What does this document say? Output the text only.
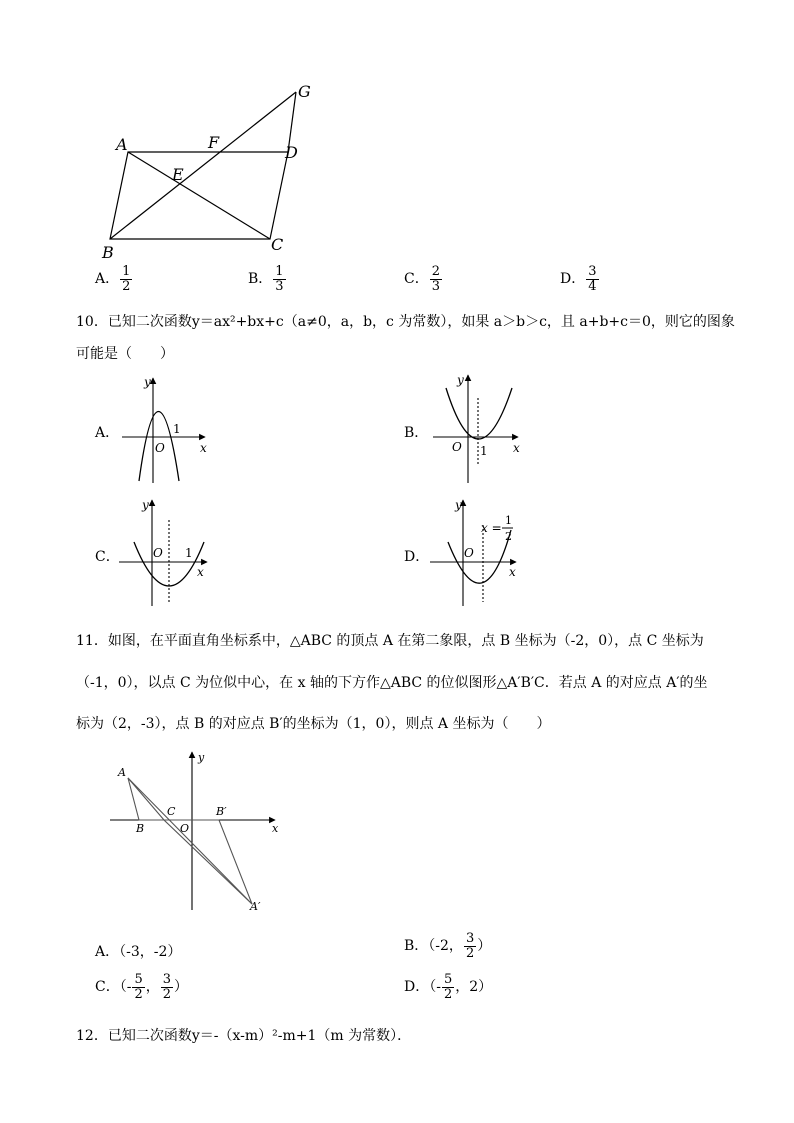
A	F
D
E
G
B	C
A． $\frac{1}{2}$	B． $\frac{1}{3}$	C． $\frac{2}{3}$	D． $\frac{3}{4}$
10．已知二次函数y＝ax²+bx+c（a≠0，a，b，c 为常数），如果 a＞b＞c，且 a+b+c＝0，则它的图象
可能是（　　）
A．
y
x
O
1	B．
y
x
O 1
C．
y
x
O 1	D．
y
x
O
x =
1
2
11．如图，在平面直角坐标系中，△ABC 的顶点 A 在第二象限，点 B 坐标为（-2，0），点 C 坐标为
（-1，0），以点 C 为位似中心，在 x 轴的下方作△ABC 的位似图形△A′B′C．若点 A 的对应点 A′的坐
标为（2，-3），点 B 的对应点 B′的坐标为（1，0），则点 A 坐标为（　　）
A
B
C
O
B′
A′
x
y
A．（-3，-2）	B．（-2， $\frac{3}{2}$ ）
C．（- $\frac{5}{2}$ ， $\frac{3}{2}$ ）	D．（- $\frac{5}{2}$ ，2）
12．已知二次函数y＝-（x-m）²-m+1（m 为常数）．
